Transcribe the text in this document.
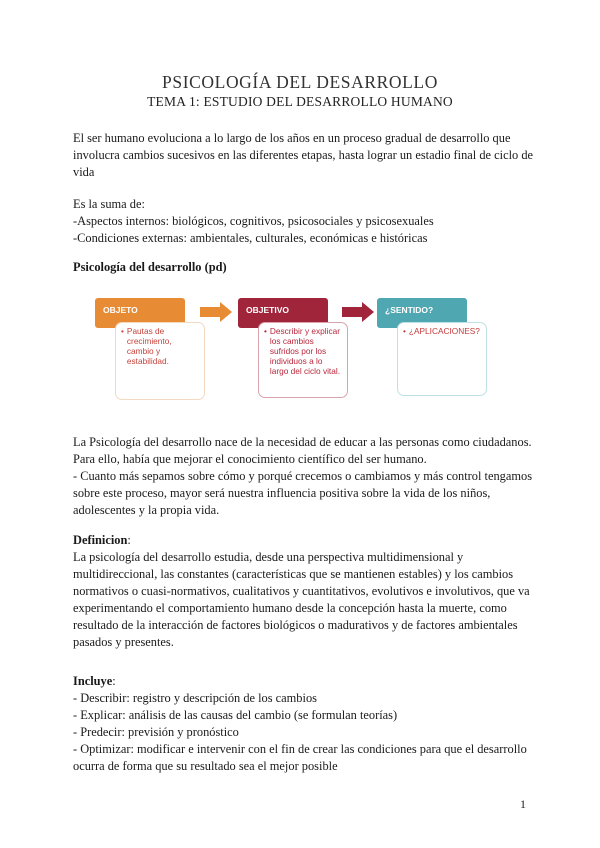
PSICOLOGÍA DEL DESARROLLO
TEMA 1: ESTUDIO DEL DESARROLLO HUMANO

El ser humano evoluciona a lo largo de los años en un proceso gradual de desarrollo que involucra cambios sucesivos en las diferentes etapas, hasta lograr un estadio final de ciclo de vida

Es la suma de:

-Aspectos internos: biológicos, cognitivos, psicosociales y psicosexuales

-Condiciones externas: ambientales, culturales, económicas e históricas

Psicología del desarrollo (pd)

OBJETO
• Pautas de crecimiento, cambio y estabilidad.
OBJETIVO
• Describir y explicar los cambios sufridos por los individuos a lo largo del ciclo vital.
¿SENTIDO?
• ¿APLICACIONES?

La Psicología del desarrollo nace de la necesidad de educar a las personas como ciudadanos. Para ello, había que mejorar el conocimiento científico del ser humano.

- Cuanto más sepamos sobre cómo y porqué crecemos o cambiamos y más control tengamos sobre este proceso, mayor será nuestra influencia positiva sobre la vida de los niños, adolescentes y la propia vida.

Definicion:

La psicología del desarrollo estudia, desde una perspectiva multidimensional y multidireccional, las constantes (características que se mantienen estables) y los cambios normativos o cuasi-normativos, cualitativos y cuantitativos, evolutivos e involutivos, que va experimentando el comportamiento humano desde la concepción hasta la muerte, como resultado de la interacción de factores biológicos o madurativos y de factores ambientales pasados y presentes.

Incluye:

- Describir: registro y descripción de los cambios

- Explicar: análisis de las causas del cambio (se formulan teorías)

- Predecir: previsión y pronóstico

- Optimizar: modificar e intervenir con el fin de crear las condiciones para que el desarrollo ocurra de forma que su resultado sea el mejor posible

1
